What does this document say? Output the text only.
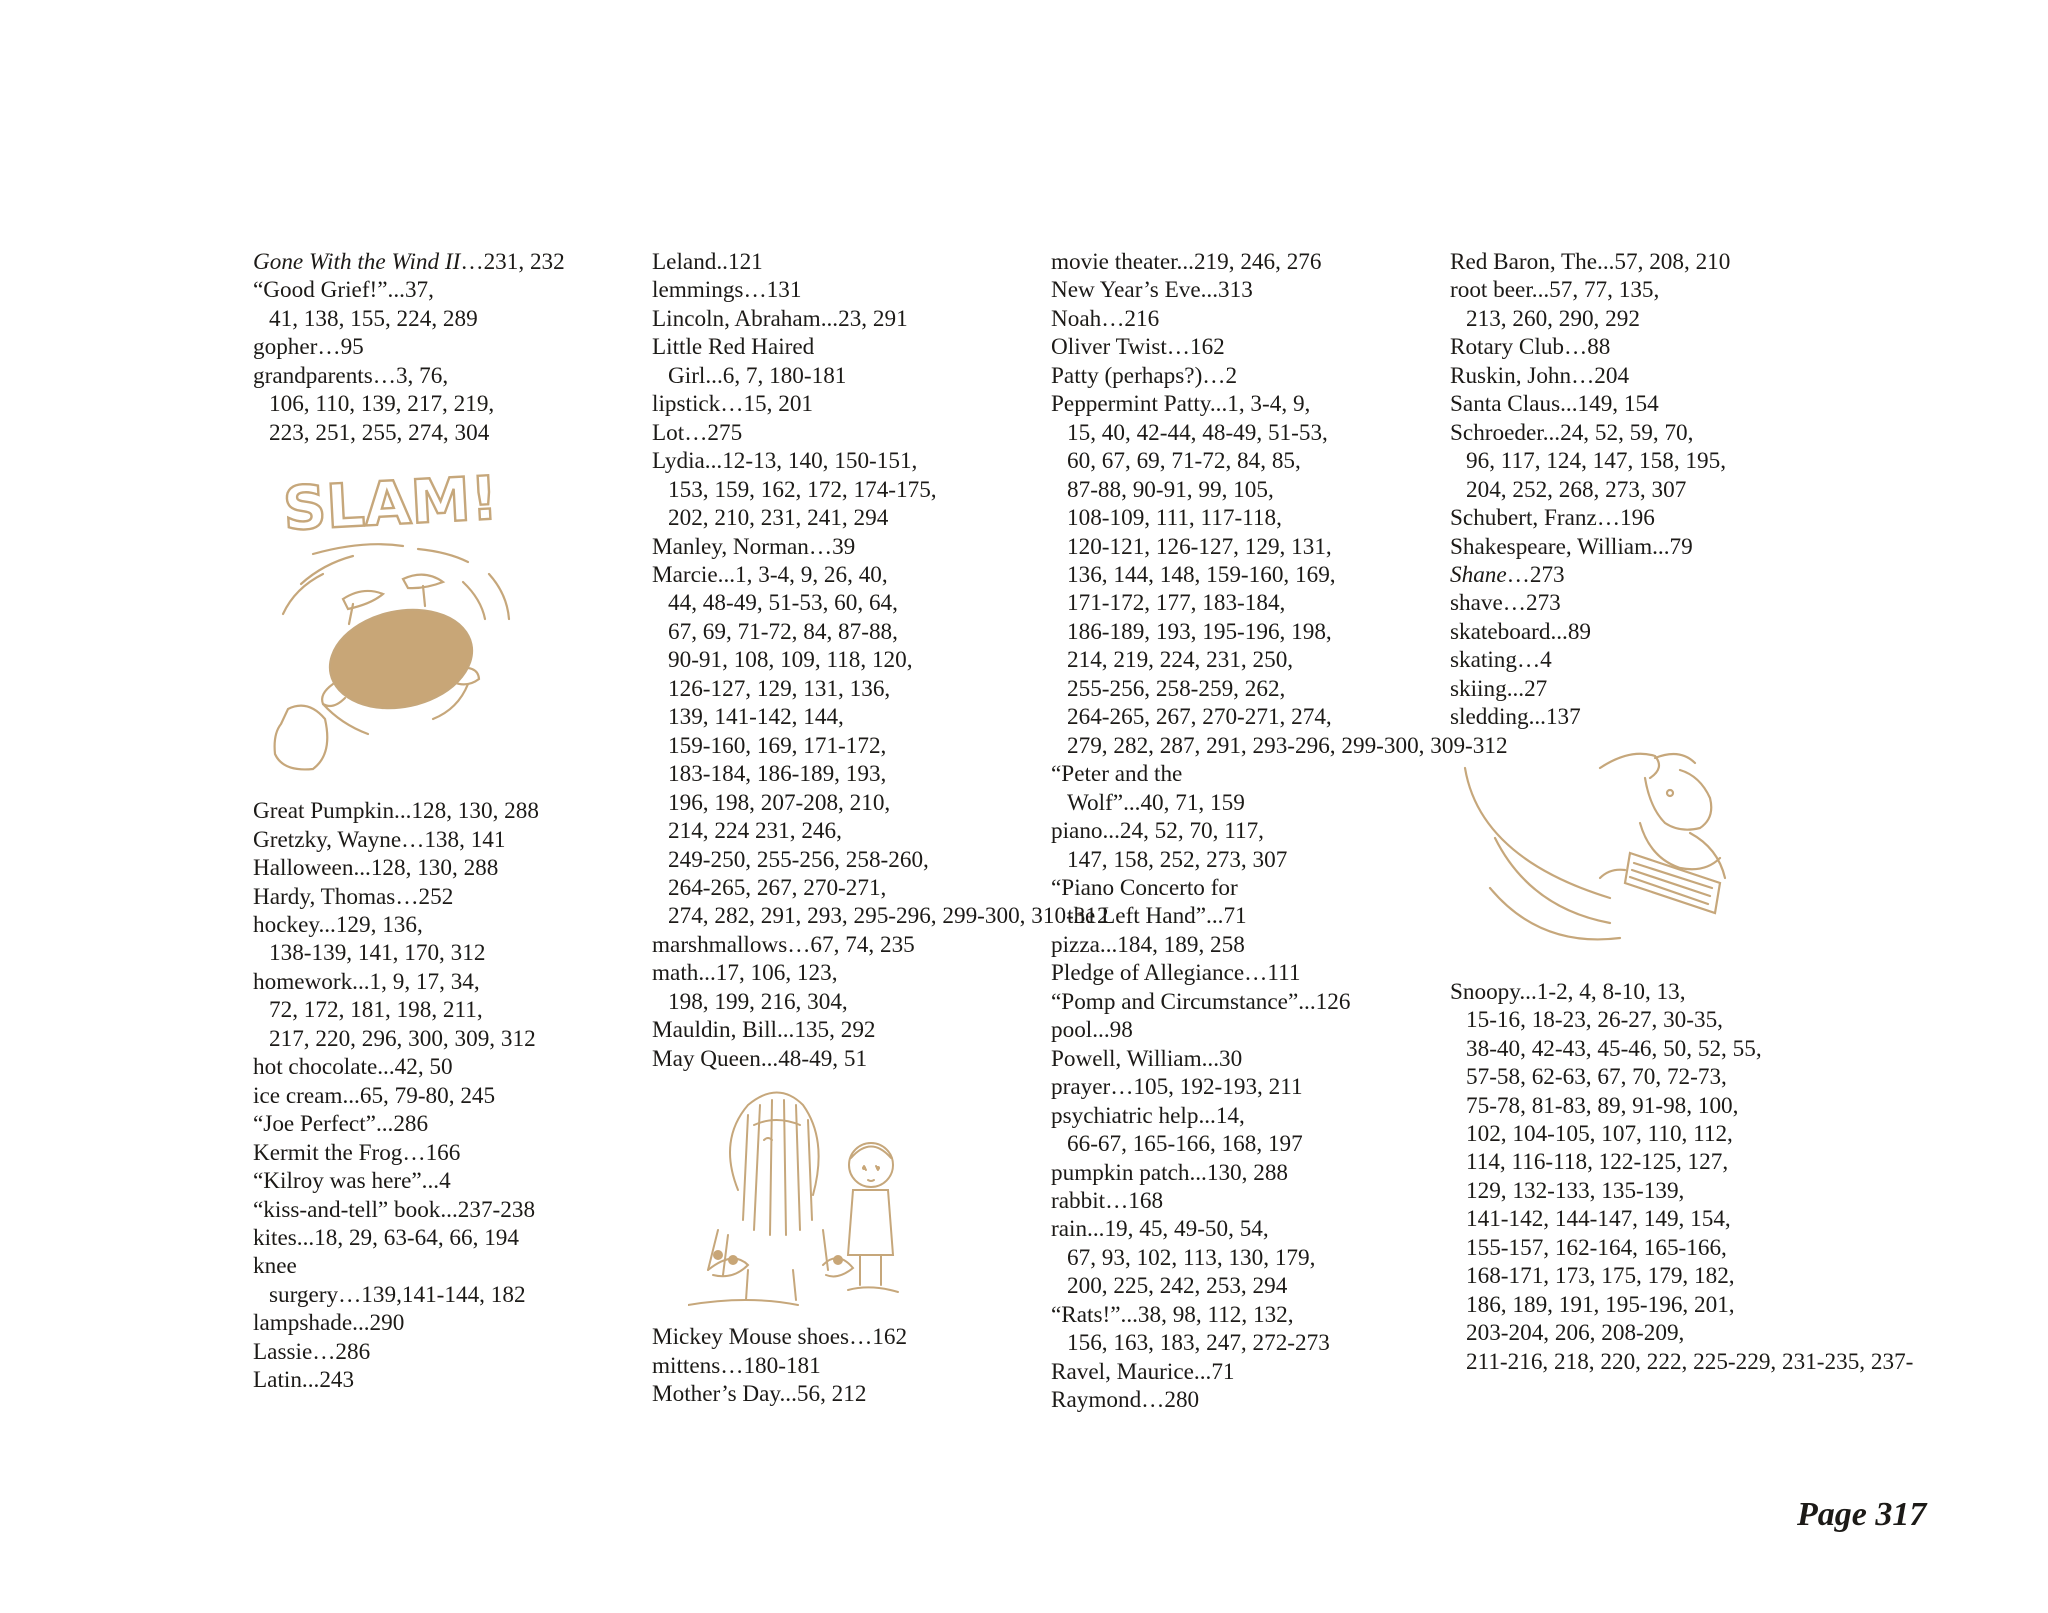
Gone With the Wind II…231, 232
“Good Grief!”...37,
41, 138, 155, 224, 289
gopher…95
grandparents…3, 76,
106, 110, 139, 217, 219,
223, 251, 255, 274, 304
SLAM!
Great Pumpkin...128, 130, 288
Gretzky, Wayne…138, 141
Halloween...128, 130, 288
Hardy, Thomas…252
hockey...129, 136,
138-139, 141, 170, 312
homework...1, 9, 17, 34,
72, 172, 181, 198, 211,
217, 220, 296, 300, 309, 312
hot chocolate...42, 50
ice cream...65, 79-80, 245
“Joe Perfect”...286
Kermit the Frog…166
“Kilroy was here”...4
“kiss-and-tell” book...237-238
kites...18, 29, 63-64, 66, 194
knee
surgery…139,141-144, 182
lampshade...290
Lassie…286
Latin...243
Leland..121
lemmings…131
Lincoln, Abraham...23, 291
Little Red Haired
Girl...6, 7, 180-181
lipstick…15, 201
Lot…275
Lydia...12-13, 140, 150-151,
153, 159, 162, 172, 174-175,
202, 210, 231, 241, 294
Manley, Norman…39
Marcie...1, 3-4, 9, 26, 40,
44, 48-49, 51-53, 60, 64,
67, 69, 71-72, 84, 87-88,
90-91, 108, 109, 118, 120,
126-127, 129, 131, 136,
139, 141-142, 144,
159-160, 169, 171-172,
183-184, 186-189, 193,
196, 198, 207-208, 210,
214, 224 231, 246,
249-250, 255-256, 258-260,
264-265, 267, 270-271,
274, 282, 291, 293, 295-296, 299-300, 310-312
marshmallows…67, 74, 235
math...17, 106, 123,
198, 199, 216, 304,
Mauldin, Bill...135, 292
May Queen...48-49, 51
Mickey Mouse shoes…162
mittens…180-181
Mother’s Day...56, 212
movie theater...219, 246, 276
New Year’s Eve...313
Noah…216
Oliver Twist…162
Patty (perhaps?)…2
Peppermint Patty...1, 3-4, 9,
15, 40, 42-44, 48-49, 51-53,
60, 67, 69, 71-72, 84, 85,
87-88, 90-91, 99, 105,
108-109, 111, 117-118,
120-121, 126-127, 129, 131,
136, 144, 148, 159-160, 169,
171-172, 177, 183-184,
186-189, 193, 195-196, 198,
214, 219, 224, 231, 250,
255-256, 258-259, 262,
264-265, 267, 270-271, 274,
279, 282, 287, 291, 293-296, 299-300, 309-312
“Peter and the
Wolf”...40, 71, 159
piano...24, 52, 70, 117,
147, 158, 252, 273, 307
“Piano Concerto for
the Left Hand”...71
pizza...184, 189, 258
Pledge of Allegiance…111
“Pomp and Circumstance”...126
pool...98
Powell, William...30
prayer…105, 192-193, 211
psychiatric help...14,
66-67, 165-166, 168, 197
pumpkin patch...130, 288
rabbit…168
rain...19, 45, 49-50, 54,
67, 93, 102, 113, 130, 179,
200, 225, 242, 253, 294
“Rats!”...38, 98, 112, 132,
156, 163, 183, 247, 272-273
Ravel, Maurice...71
Raymond…280
Red Baron, The...57, 208, 210
root beer...57, 77, 135,
213, 260, 290, 292
Rotary Club…88
Ruskin, John…204
Santa Claus...149, 154
Schroeder...24, 52, 59, 70,
96, 117, 124, 147, 158, 195,
204, 252, 268, 273, 307
Schubert, Franz…196
Shakespeare, William...79
Shane…273
shave…273
skateboard...89
skating…4
skiing...27
sledding...137
Snoopy...1-2, 4, 8-10, 13,
15-16, 18-23, 26-27, 30-35,
38-40, 42-43, 45-46, 50, 52, 55,
57-58, 62-63, 67, 70, 72-73,
75-78, 81-83, 89, 91-98, 100,
102, 104-105, 107, 110, 112,
114, 116-118, 122-125, 127,
129, 132-133, 135-139,
141-142, 144-147, 149, 154,
155-157, 162-164, 165-166,
168-171, 173, 175, 179, 182,
186, 189, 191, 195-196, 201,
203-204, 206, 208-209,
211-216, 218, 220, 222, 225-229, 231-235, 237-
Page 317
